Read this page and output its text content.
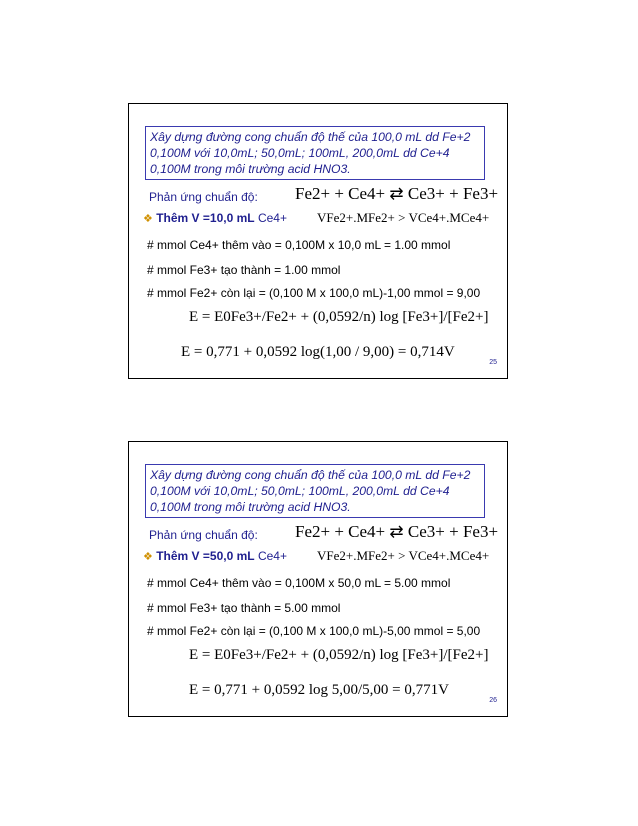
Xây dựng đường cong chuẩn độ thế của 100,0 mL dd Fe+2 0,100M với 10,0mL; 50,0mL; 100mL, 200,0mL dd Ce+4 0,100M trong môi trường acid HNO3.
Phản ứng chuẩn độ: Fe2+ + Ce4+ ⇄ Ce3+ + Fe3+
❖ Thêm V =10,0 mL Ce4+ VFe2+.MFe2+ > VCe4+.MCe4+
# mmol Ce4+ thêm vào = 0,100M x 10,0 mL = 1.00 mmol
# mmol Fe3+ tạo thành = 1.00 mmol
# mmol Fe2+ còn lại = (0,100 M x 100,0 mL)-1,00 mmol = 9,00
E = E0Fe3+/Fe2+ + (0,0592/n) log [Fe3+]/[Fe2+]
E = 0,771 + 0,0592 log(1,00 / 9,00) = 0,714V
25
Xây dựng đường cong chuẩn độ thế của 100,0 mL dd Fe+2 0,100M với 10,0mL; 50,0mL; 100mL, 200,0mL dd Ce+4 0,100M trong môi trường acid HNO3.
Phản ứng chuẩn độ: Fe2+ + Ce4+ ⇄ Ce3+ + Fe3+
❖ Thêm V =50,0 mL Ce4+ VFe2+.MFe2+ > VCe4+.MCe4+
# mmol Ce4+ thêm vào = 0,100M x 50,0 mL = 5.00 mmol
# mmol Fe3+ tạo thành = 5.00 mmol
# mmol Fe2+ còn lại = (0,100 M x 100,0 mL)-5,00 mmol = 5,00
E = E0Fe3+/Fe2+ + (0,0592/n) log [Fe3+]/[Fe2+]
E = 0,771 + 0,0592 log 5,00/5,00 = 0,771V
26
